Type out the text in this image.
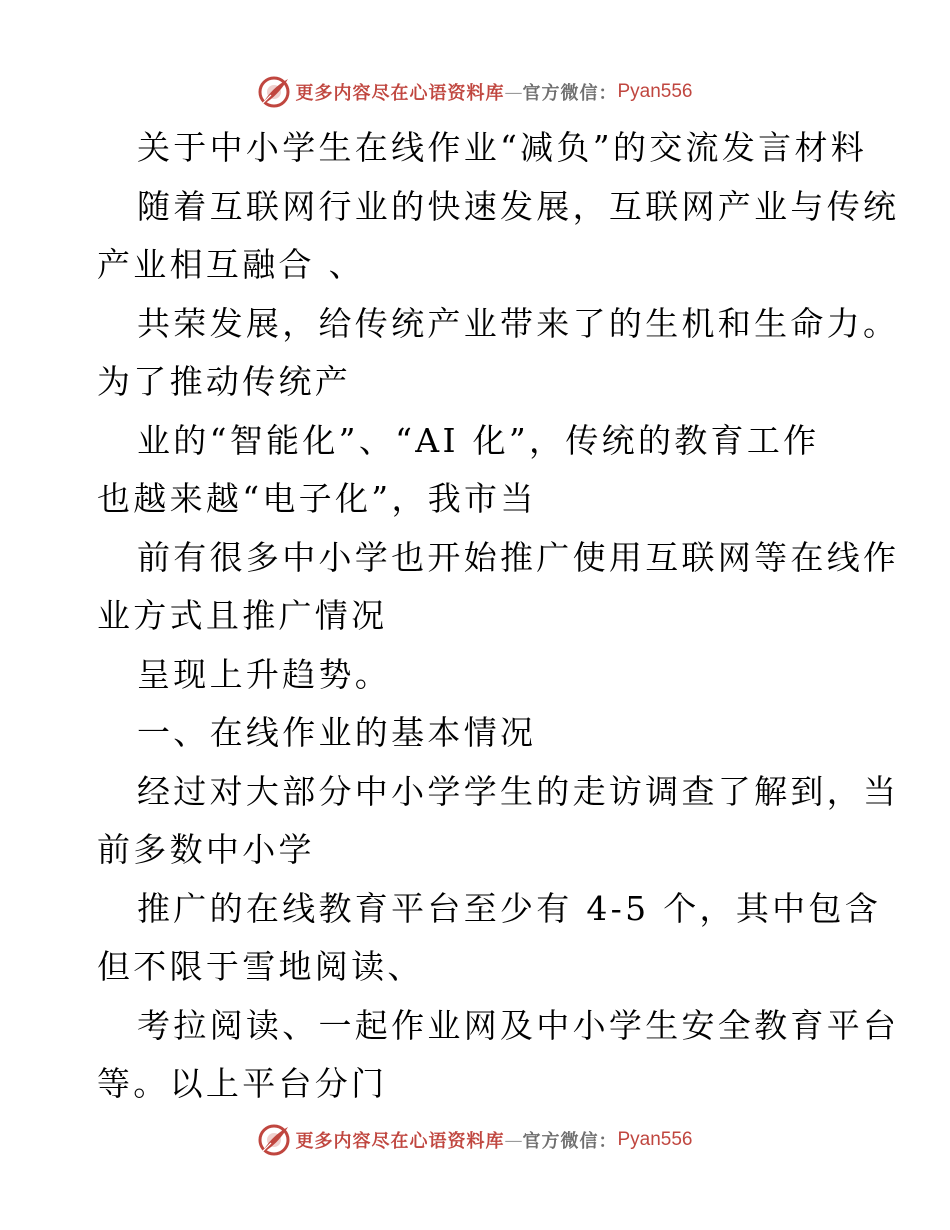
更多内容尽在心语资料库 — 官方微信： Pyan556
关于中小学生在线作业“减负”的交流发言材料
随着互联网行业的快速发展，互联网产业与传统
产业相互融合 、
共荣发展，给传统产业带来了的生机和生命力。
为了推动传统产
业的“智能化”、“AI 化”，传统的教育工作
也越来越“电子化”，我市当
前有很多中小学也开始推广使用互联网等在线作
业方式且推广情况
呈现上升趋势。
一、在线作业的基本情况
经过对大部分中小学学生的走访调查了解到，当
前多数中小学
推广的在线教育平台至少有 4-5 个，其中包含
但不限于雪地阅读、
考拉阅读、一起作业网及中小学生安全教育平台
等。以上平台分门
更多内容尽在心语资料库 — 官方微信： Pyan556
